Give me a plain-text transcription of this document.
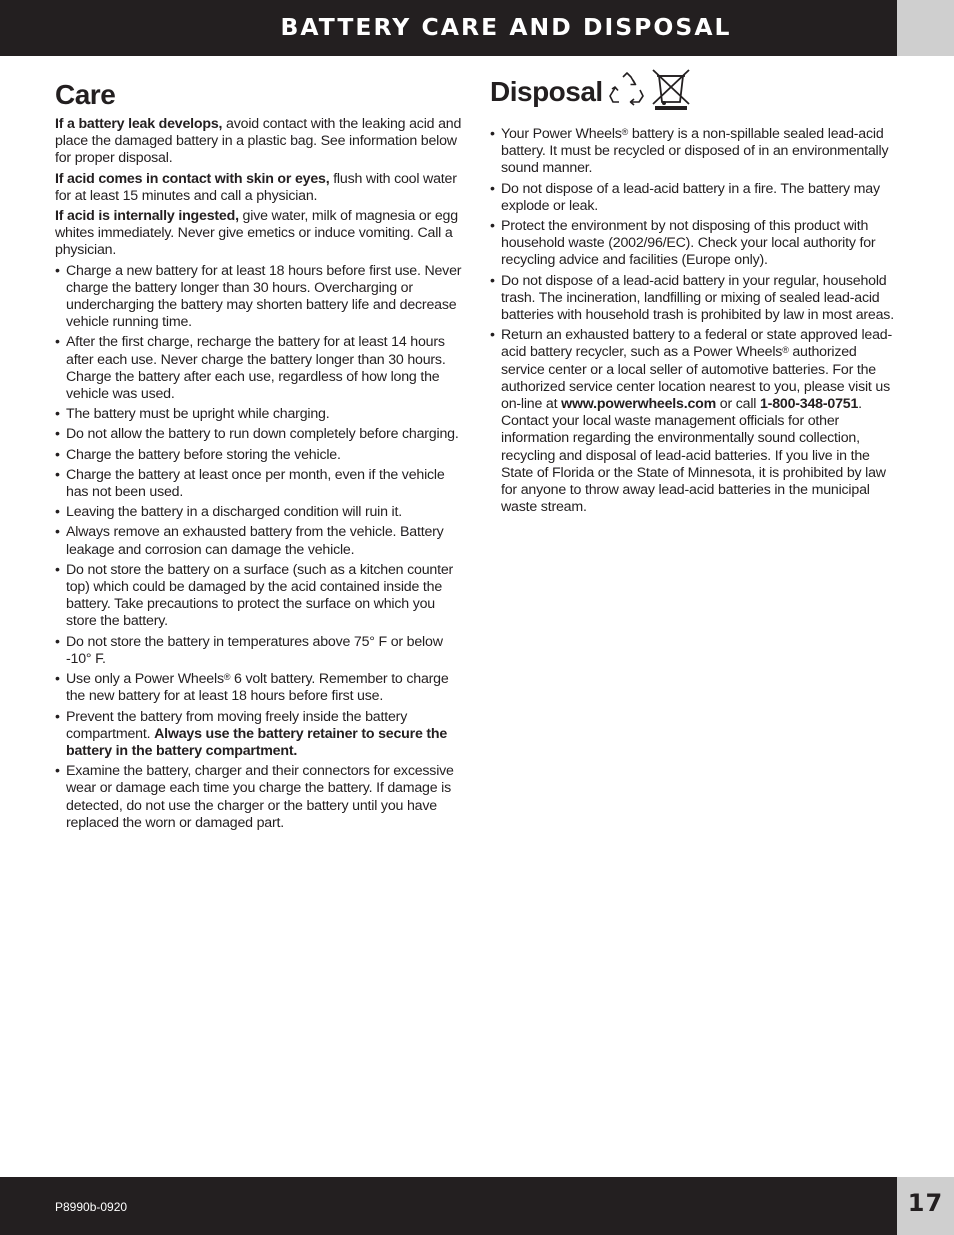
BATTERY CARE AND DISPOSAL
Care

If a battery leak develops, avoid contact with the leaking acid and place the damaged battery in a plastic bag. See information below for proper disposal.

If acid comes in contact with skin or eyes, flush with cool water for at least 15 minutes and call a physician.

If acid is internally ingested, give water, milk of magnesia or egg whites immediately. Never give emetics or induce vomiting. Call a physician.

• Charge a new battery for at least 18 hours before first use. Never charge the battery longer than 30 hours. Overcharging or undercharging the battery may shorten battery life and decrease vehicle running time.
• After the first charge, recharge the battery for at least 14 hours after each use. Never charge the battery longer than 30 hours. Charge the battery after each use, regardless of how long the vehicle was used.
• The battery must be upright while charging.
• Do not allow the battery to run down completely before charging.
• Charge the battery before storing the vehicle.
• Charge the battery at least once per month, even if the vehicle has not been used.
• Leaving the battery in a discharged condition will ruin it.
• Always remove an exhausted battery from the vehicle. Battery leakage and corrosion can damage the vehicle.
• Do not store the battery on a surface (such as a kitchen counter top) which could be damaged by the acid contained inside the battery. Take precautions to protect the surface on which you store the battery.
• Do not store the battery in temperatures above 75° F or below -10° F.
• Use only a Power Wheels® 6 volt battery. Remember to charge the new battery for at least 18 hours before first use.
• Prevent the battery from moving freely inside the battery compartment. Always use the battery retainer to secure the battery in the battery compartment.
• Examine the battery, charger and their connectors for excessive wear or damage each time you charge the battery. If damage is detected, do not use the charger or the battery until you have replaced the worn or damaged part.
Disposal
• Your Power Wheels® battery is a non-spillable sealed lead-acid battery. It must be recycled or disposed of in an environmentally sound manner.
• Do not dispose of a lead-acid battery in a fire. The battery may explode or leak.
• Protect the environment by not disposing of this product with household waste (2002/96/EC). Check your local authority for recycling advice and facilities (Europe only).
• Do not dispose of a lead-acid battery in your regular, household trash. The incineration, landfilling or mixing of sealed lead-acid batteries with household trash is prohibited by law in most areas.
• Return an exhausted battery to a federal or state approved lead-acid battery recycler, such as a Power Wheels® authorized service center or a local seller of automotive batteries. For the authorized service center location nearest to you, please visit us on-line at www.powerwheels.com or call 1-800-348-0751. Contact your local waste management officials for other information regarding the environmentally sound collection, recycling and disposal of lead-acid batteries. If you live in the State of Florida or the State of Minnesota, it is prohibited by law for anyone to throw away lead-acid batteries in the municipal waste stream.
P8990b-0920	17
